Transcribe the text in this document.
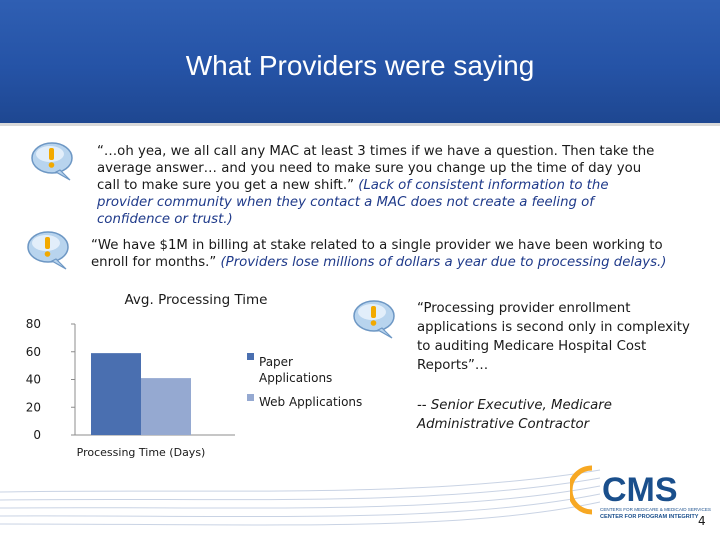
What Providers were saying
“…oh yea, we all call any MAC at least 3 times if we have a question. Then take the average answer… and you need to make sure you change up the time of day you call to make sure you get a new shift.” (Lack of consistent information to the provider community when they contact a MAC does not create a feeling of confidence or trust.)
“We have $1M in billing at stake related to a single provider we have been working to enroll for months.” (Providers lose millions of dollars a year due to processing delays.)
Avg. Processing Time
0
20
40
60
80
Processing Time (Days)
Paper Applications
Web Applications
“Processing provider enrollment applications is second only in complexity to auditing Medicare Hospital Cost Reports”…
-- Senior Executive, Medicare Administrative Contractor
CMS
CENTERS FOR MEDICARE & MEDICAID SERVICES
CENTER FOR PROGRAM INTEGRITY 4
